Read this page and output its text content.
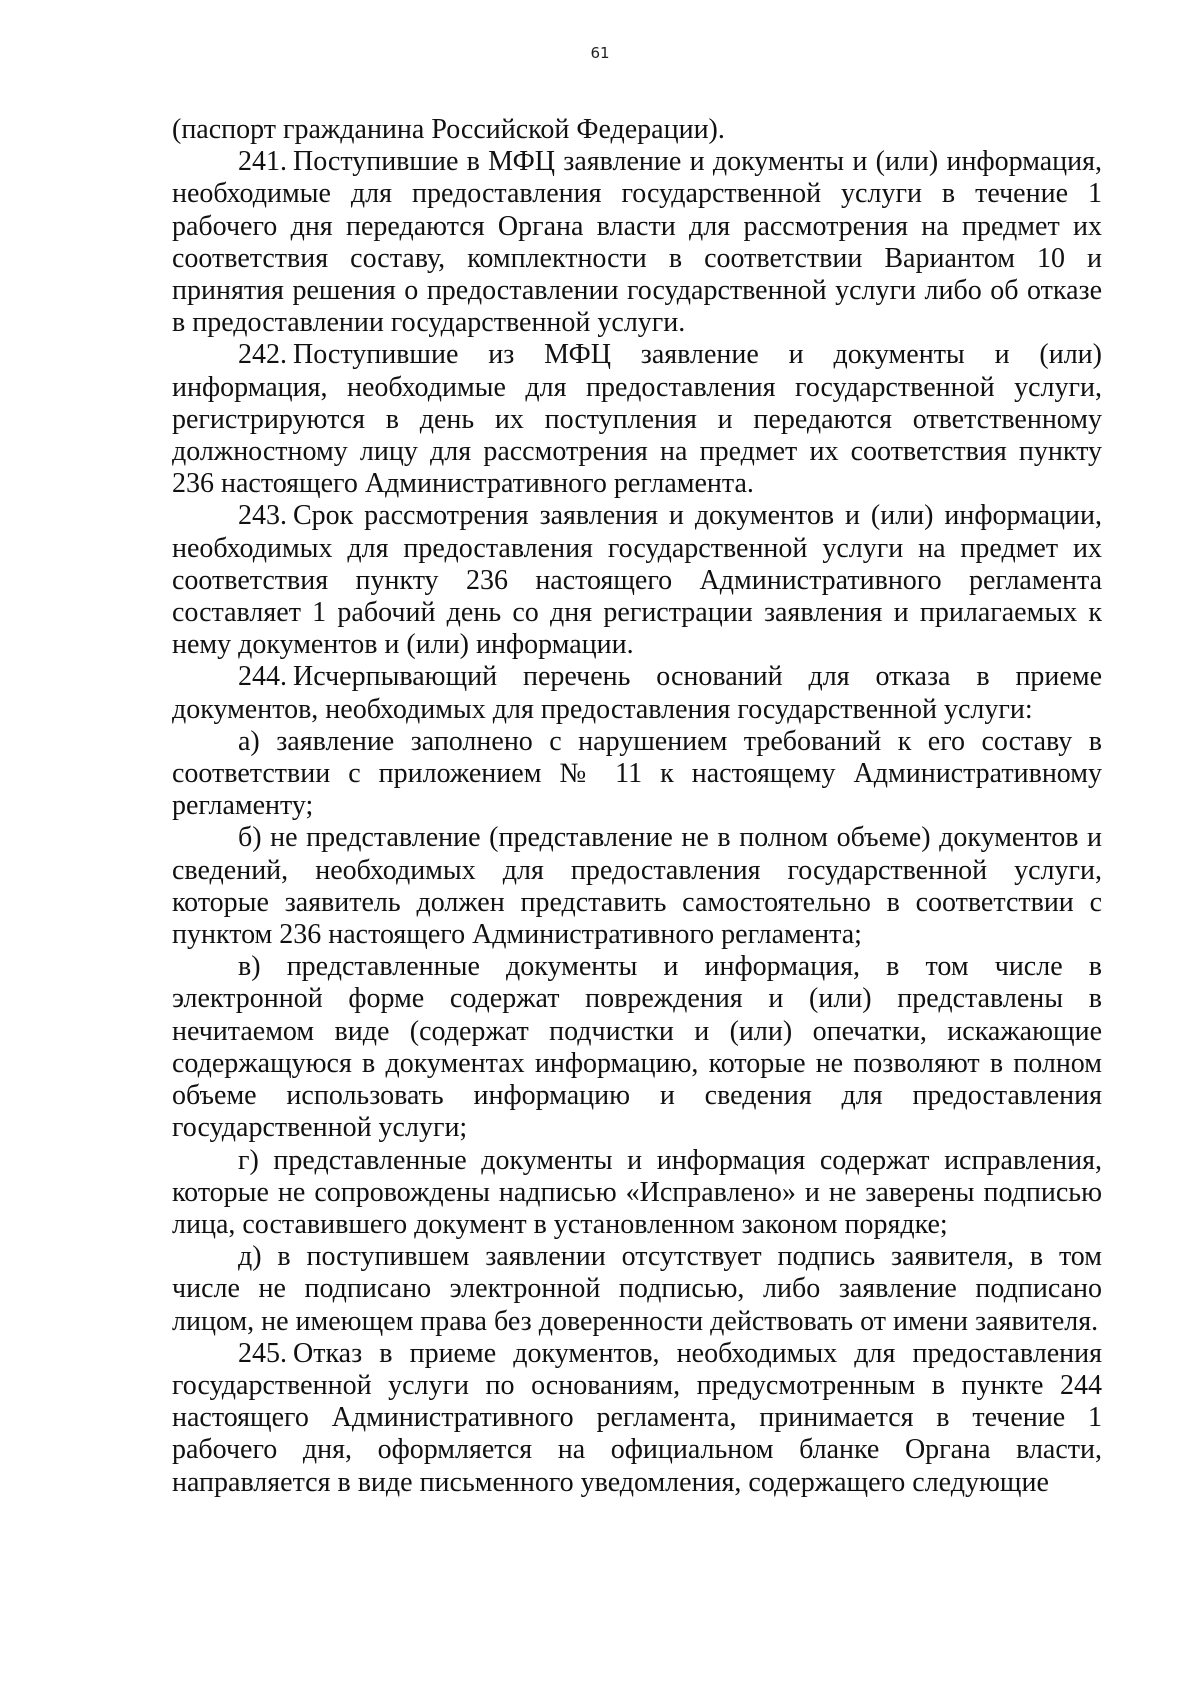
61

(паспорт гражданина Российской Федерации).

241. Поступившие в МФЦ заявление и документы и (или) информация, необходимые для предоставления государственной услуги в течение 1 рабочего дня передаются Органа власти для рассмотрения на предмет их соответствия составу, комплектности в соответствии Вариантом 10 и принятия решения о предоставлении государственной услуги либо об отказе в предоставлении государственной услуги.

242. Поступившие из МФЦ заявление и документы и (или) информация, необходимые для предоставления государственной услуги, регистрируются в день их поступления и передаются ответственному должностному лицу для рассмотрения на предмет их соответствия пункту 236 настоящего Административного регламента.

243. Срок рассмотрения заявления и документов и (или) информации, необходимых для предоставления государственной услуги на предмет их соответствия пункту 236 настоящего Административного регламента составляет 1 рабочий день со дня регистрации заявления и прилагаемых к нему документов и (или) информации.

244. Исчерпывающий перечень оснований для отказа в приеме документов, необходимых для предоставления государственной услуги:

а) заявление заполнено с нарушением требований к его составу в соответствии с приложением № 11 к настоящему Административному регламенту;

б) не представление (представление не в полном объеме) документов и сведений, необходимых для предоставления государственной услуги, которые заявитель должен представить самостоятельно в соответствии с пунктом 236 настоящего Административного регламента;

в) представленные документы и информация, в том числе в электронной форме содержат повреждения и (или) представлены в нечитаемом виде (содержат подчистки и (или) опечатки, искажающие содержащуюся в документах информацию, которые не позволяют в полном объеме использовать информацию и сведения для предоставления государственной услуги;

г) представленные документы и информация содержат исправления, которые не сопровождены надписью «Исправлено» и не заверены подписью лица, составившего документ в установленном законом порядке;

д) в поступившем заявлении отсутствует подпись заявителя, в том числе не подписано электронной подписью, либо заявление подписано лицом, не имеющем права без доверенности действовать от имени заявителя.

245. Отказ в приеме документов, необходимых для предоставления государственной услуги по основаниям, предусмотренным в пункте 244 настоящего Административного регламента, принимается в течение 1 рабочего дня, оформляется на официальном бланке Органа власти, направляется в виде письменного уведомления, содержащего следующие
